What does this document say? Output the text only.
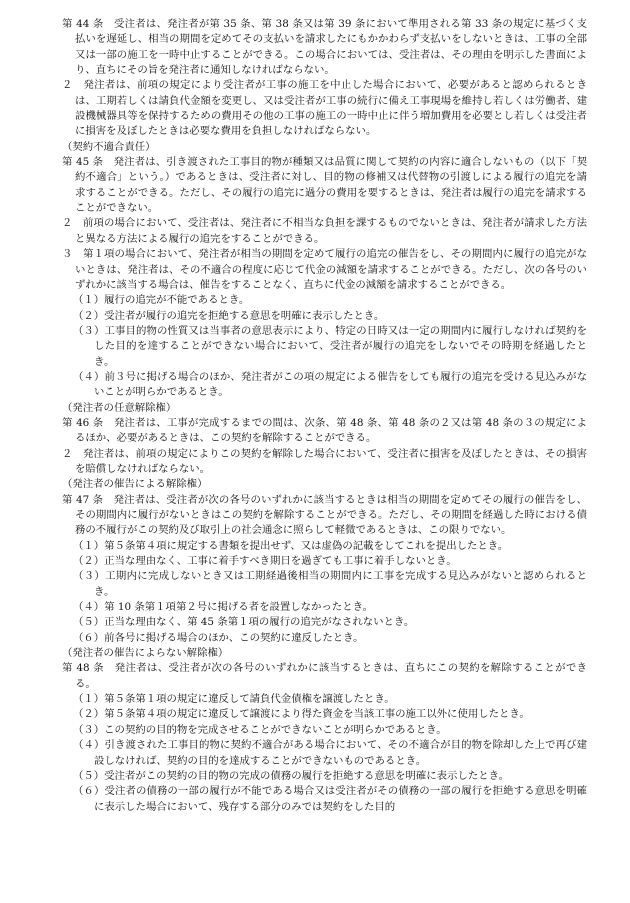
第 44 条　受注者は、発注者が第 35 条、第 38 条又は第 39 条において準用される第 33 条の規定に基づく支払いを遅延し、相当の期間を定めてその支払いを請求したにもかかわらず支払いをしないときは、工事の全部又は一部の施工を一時中止することができる。この場合においては、受注者は、その理由を明示した書面により、直ちにその旨を発注者に通知しなければならない。

２　発注者は、前項の規定により受注者が工事の施工を中止した場合において、必要があると認められるときは、工期若しくは請負代金額を変更し、又は受注者が工事の続行に備え工事現場を維持し若しくは労働者、建設機械器具等を保持するための費用その他の工事の施工の一時中止に伴う増加費用を必要とし若しくは受注者に損害を及ぼしたときは必要な費用を負担しなければならない。

（契約不適合責任）

第 45 条　発注者は、引き渡された工事目的物が種類又は品質に関して契約の内容に適合しないもの（以下「契約不適合」という。）であるときは、受注者に対し、目的物の修補又は代替物の引渡しによる履行の追完を請求することができる。ただし、その履行の追完に過分の費用を要するときは、発注者は履行の追完を請求することができない。

２　前項の場合において、受注者は、発注者に不相当な負担を課するものでないときは、発注者が請求した方法と異なる方法による履行の追完をすることができる。

３　第１項の場合において、発注者が相当の期間を定めて履行の追完の催告をし、その期間内に履行の追完がないときは、発注者は、その不適合の程度に応じて代金の減額を請求することができる。ただし、次の各号のいずれかに該当する場合は、催告をすることなく、直ちに代金の減額を請求することができる。

（１）履行の追完が不能であるとき。

（２）受注者が履行の追完を拒絶する意思を明確に表示したとき。

（３）工事目的物の性質又は当事者の意思表示により、特定の日時又は一定の期間内に履行しなければ契約をした目的を達することができない場合において、受注者が履行の追完をしないでその時期を経過したとき。

（４）前３号に掲げる場合のほか、発注者がこの項の規定による催告をしても履行の追完を受ける見込みがないことが明らかであるとき。

（発注者の任意解除権）

第 46 条　発注者は、工事が完成するまでの間は、次条、第 48 条、第 48 条の２又は第 48 条の３の規定によるほか、必要があるときは、この契約を解除することができる。

２　発注者は、前項の規定によりこの契約を解除した場合において、受注者に損害を及ぼしたときは、その損害を賠償しなければならない。

（発注者の催告による解除権）

第 47 条　発注者は、受注者が次の各号のいずれかに該当するときは相当の期間を定めてその履行の催告をし、その期間内に履行がないときはこの契約を解除することができる。ただし、その期間を経過した時における債務の不履行がこの契約及び取引上の社会通念に照らして軽微であるときは、この限りでない。

（１）第５条第４項に規定する書類を提出せず、又は虚偽の記載をしてこれを提出したとき。

（２）正当な理由なく、工事に着手すべき期日を過ぎても工事に着手しないとき。

（３）工期内に完成しないとき又は工期経過後相当の期間内に工事を完成する見込みがないと認められるとき。

（４）第 10 条第１項第２号に掲げる者を設置しなかったとき。

（５）正当な理由なく、第 45 条第１項の履行の追完がなされないとき。

（６）前各号に掲げる場合のほか、この契約に違反したとき。

（発注者の催告によらない解除権）

第 48 条　発注者は、受注者が次の各号のいずれかに該当するときは、直ちにこの契約を解除することができる。

（１）第５条第１項の規定に違反して請負代金債権を譲渡したとき。

（２）第５条第４項の規定に違反して譲渡により得た資金を当該工事の施工以外に使用したとき。

（３）この契約の目的物を完成させることができないことが明らかであるとき。

（４）引き渡された工事目的物に契約不適合がある場合において、その不適合が目的物を除却した上で再び建設しなければ、契約の目的を達成することができないものであるとき。

（５）受注者がこの契約の目的物の完成の債務の履行を拒絶する意思を明確に表示したとき。

（６）受注者の債務の一部の履行が不能である場合又は受注者がその債務の一部の履行を拒絶する意思を明確に表示した場合において、残存する部分のみでは契約をした目的
